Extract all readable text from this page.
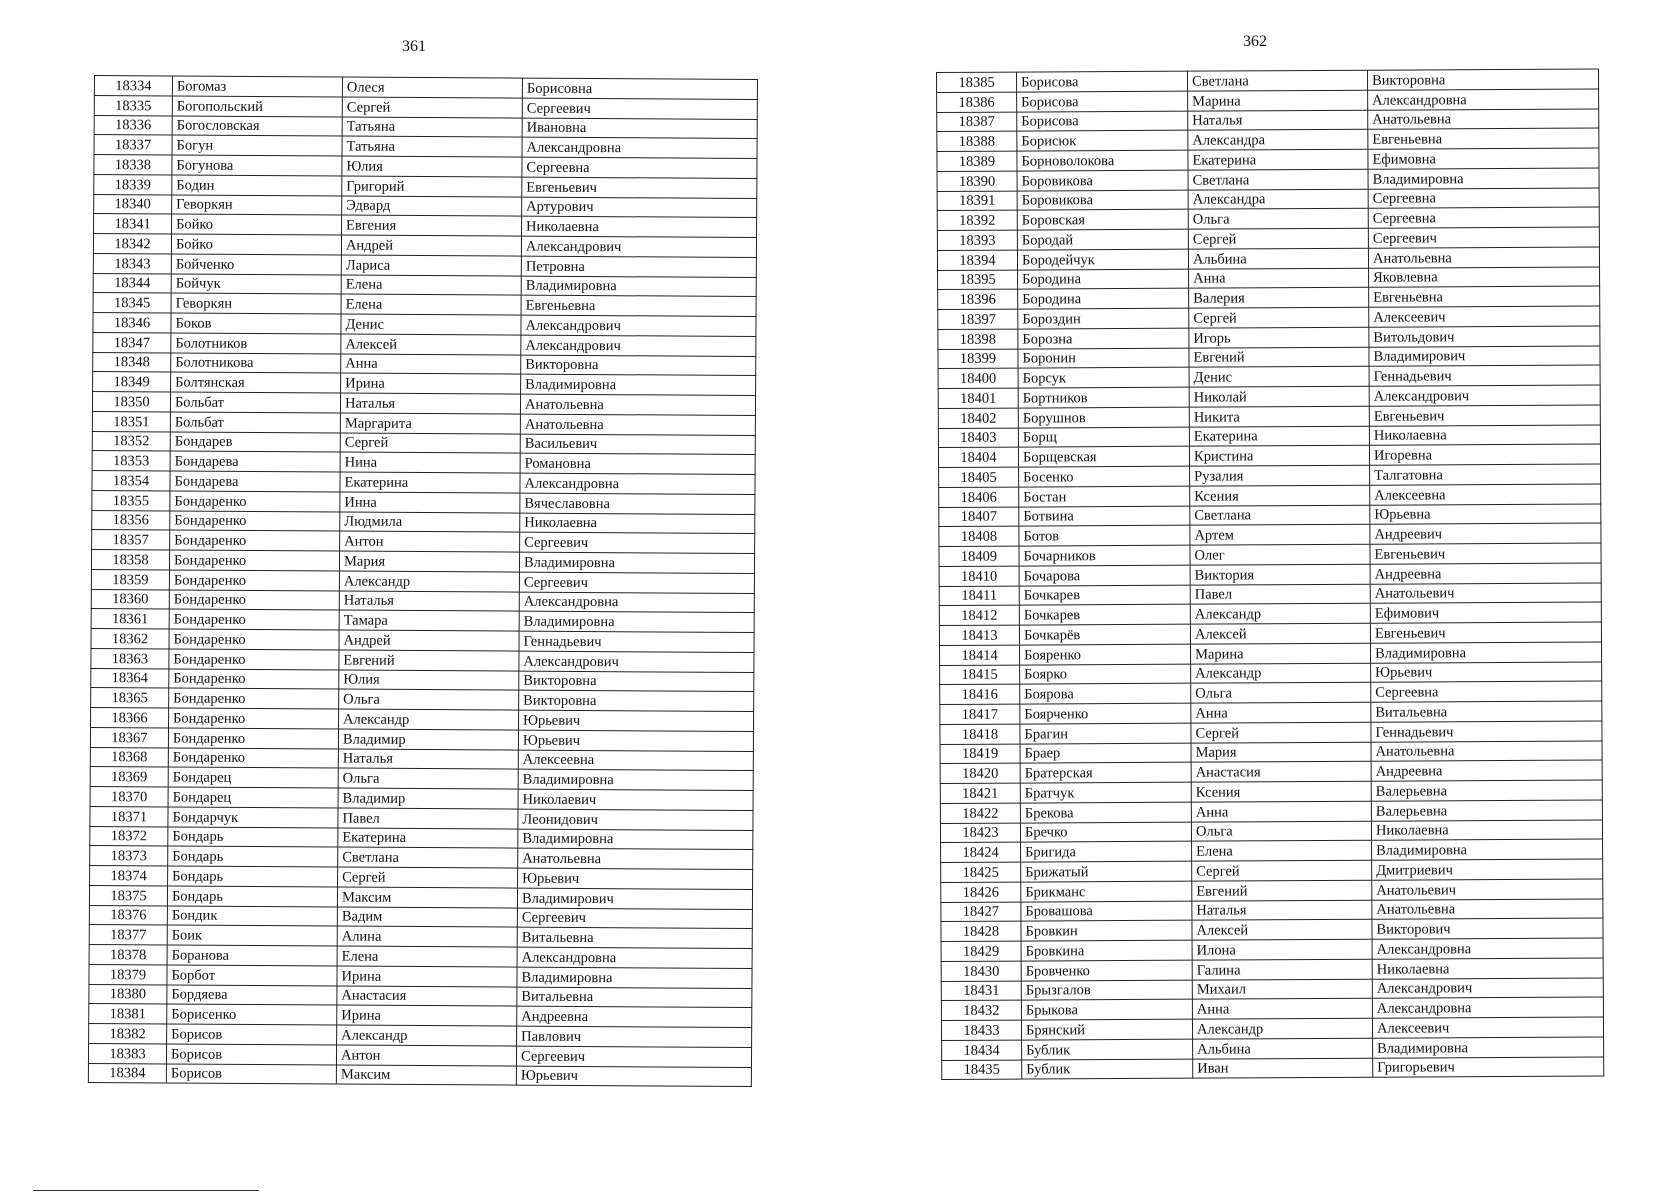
361	362
18334	Богомаз	Олеся	Борисовна
18335	Богопольский	Сергей	Сергеевич
18336	Богословская	Татьяна	Ивановна
18337	Богун	Татьяна	Александровна
18338	Богунова	Юлия	Сергеевна
18339	Бодин	Григорий	Евгеньевич
18340	Геворкян	Эдвард	Артурович
18341	Бойко	Евгения	Николаевна
18342	Бойко	Андрей	Александрович
18343	Бойченко	Лариса	Петровна
18344	Бойчук	Елена	Владимировна
18345	Геворкян	Елена	Евгеньевна
18346	Боков	Денис	Александрович
18347	Болотников	Алексей	Александрович
18348	Болотникова	Анна	Викторовна
18349	Болтянская	Ирина	Владимировна
18350	Больбат	Наталья	Анатольевна
18351	Больбат	Маргарита	Анатольевна
18352	Бондарев	Сергей	Васильевич
18353	Бондарева	Нина	Романовна
18354	Бондарева	Екатерина	Александровна
18355	Бондаренко	Инна	Вячеславовна
18356	Бондаренко	Людмила	Николаевна
18357	Бондаренко	Антон	Сергеевич
18358	Бондаренко	Мария	Владимировна
18359	Бондаренко	Александр	Сергеевич
18360	Бондаренко	Наталья	Александровна
18361	Бондаренко	Тамара	Владимировна
18362	Бондаренко	Андрей	Геннадьевич
18363	Бондаренко	Евгений	Александрович
18364	Бондаренко	Юлия	Викторовна
18365	Бондаренко	Ольга	Викторовна
18366	Бондаренко	Александр	Юрьевич
18367	Бондаренко	Владимир	Юрьевич
18368	Бондаренко	Наталья	Алексеевна
18369	Бондарец	Ольга	Владимировна
18370	Бондарец	Владимир	Николаевич
18371	Бондарчук	Павел	Леонидович
18372	Бондарь	Екатерина	Владимировна
18373	Бондарь	Светлана	Анатольевна
18374	Бондарь	Сергей	Юрьевич
18375	Бондарь	Максим	Владимирович
18376	Бондик	Вадим	Сергеевич
18377	Боик	Алина	Витальевна
18378	Боранова	Елена	Александровна
18379	Борбот	Ирина	Владимировна
18380	Бордяева	Анастасия	Витальевна
18381	Борисенко	Ирина	Андреевна
18382	Борисов	Александр	Павлович
18383	Борисов	Антон	Сергеевич
18384	Борисов	Максим	Юрьевич
18385	Борисова	Светлана	Викторовна
18386	Борисова	Марина	Александровна
18387	Борисова	Наталья	Анатольевна
18388	Борисюк	Александра	Евгеньевна
18389	Борноволокова	Екатерина	Ефимовна
18390	Боровикова	Светлана	Владимировна
18391	Боровикова	Александра	Сергеевна
18392	Боровская	Ольга	Сергеевна
18393	Бородай	Сергей	Сергеевич
18394	Бородейчук	Альбина	Анатольевна
18395	Бородина	Анна	Яковлевна
18396	Бородина	Валерия	Евгеньевна
18397	Бороздин	Сергей	Алексеевич
18398	Борозна	Игорь	Витольдович
18399	Боронин	Евгений	Владимирович
18400	Борсук	Денис	Геннадьевич
18401	Бортников	Николай	Александрович
18402	Борушнов	Никита	Евгеньевич
18403	Борщ	Екатерина	Николаевна
18404	Борщевская	Кристина	Игоревна
18405	Босенко	Рузалия	Талгатовна
18406	Бостан	Ксения	Алексеевна
18407	Ботвина	Светлана	Юрьевна
18408	Ботов	Артем	Андреевич
18409	Бочарников	Олег	Евгеньевич
18410	Бочарова	Виктория	Андреевна
18411	Бочкарев	Павел	Анатольевич
18412	Бочкарев	Александр	Ефимович
18413	Бочкарёв	Алексей	Евгеньевич
18414	Бояренко	Марина	Владимировна
18415	Боярко	Александр	Юрьевич
18416	Боярова	Ольга	Сергеевна
18417	Боярченко	Анна	Витальевна
18418	Брагин	Сергей	Геннадьевич
18419	Браер	Мария	Анатольевна
18420	Братерская	Анастасия	Андреевна
18421	Братчук	Ксения	Валерьевна
18422	Брекова	Анна	Валерьевна
18423	Бречко	Ольга	Николаевна
18424	Бригида	Елена	Владимировна
18425	Брижатый	Сергей	Дмитриевич
18426	Брикманс	Евгений	Анатольевич
18427	Бровашова	Наталья	Анатольевна
18428	Бровкин	Алексей	Викторович
18429	Бровкина	Илона	Александровна
18430	Бровченко	Галина	Николаевна
18431	Брызгалов	Михаил	Александрович
18432	Брыкова	Анна	Александровна
18433	Брянский	Александр	Алексеевич
18434	Бублик	Альбина	Владимировна
18435	Бублик	Иван	Григорьевич
